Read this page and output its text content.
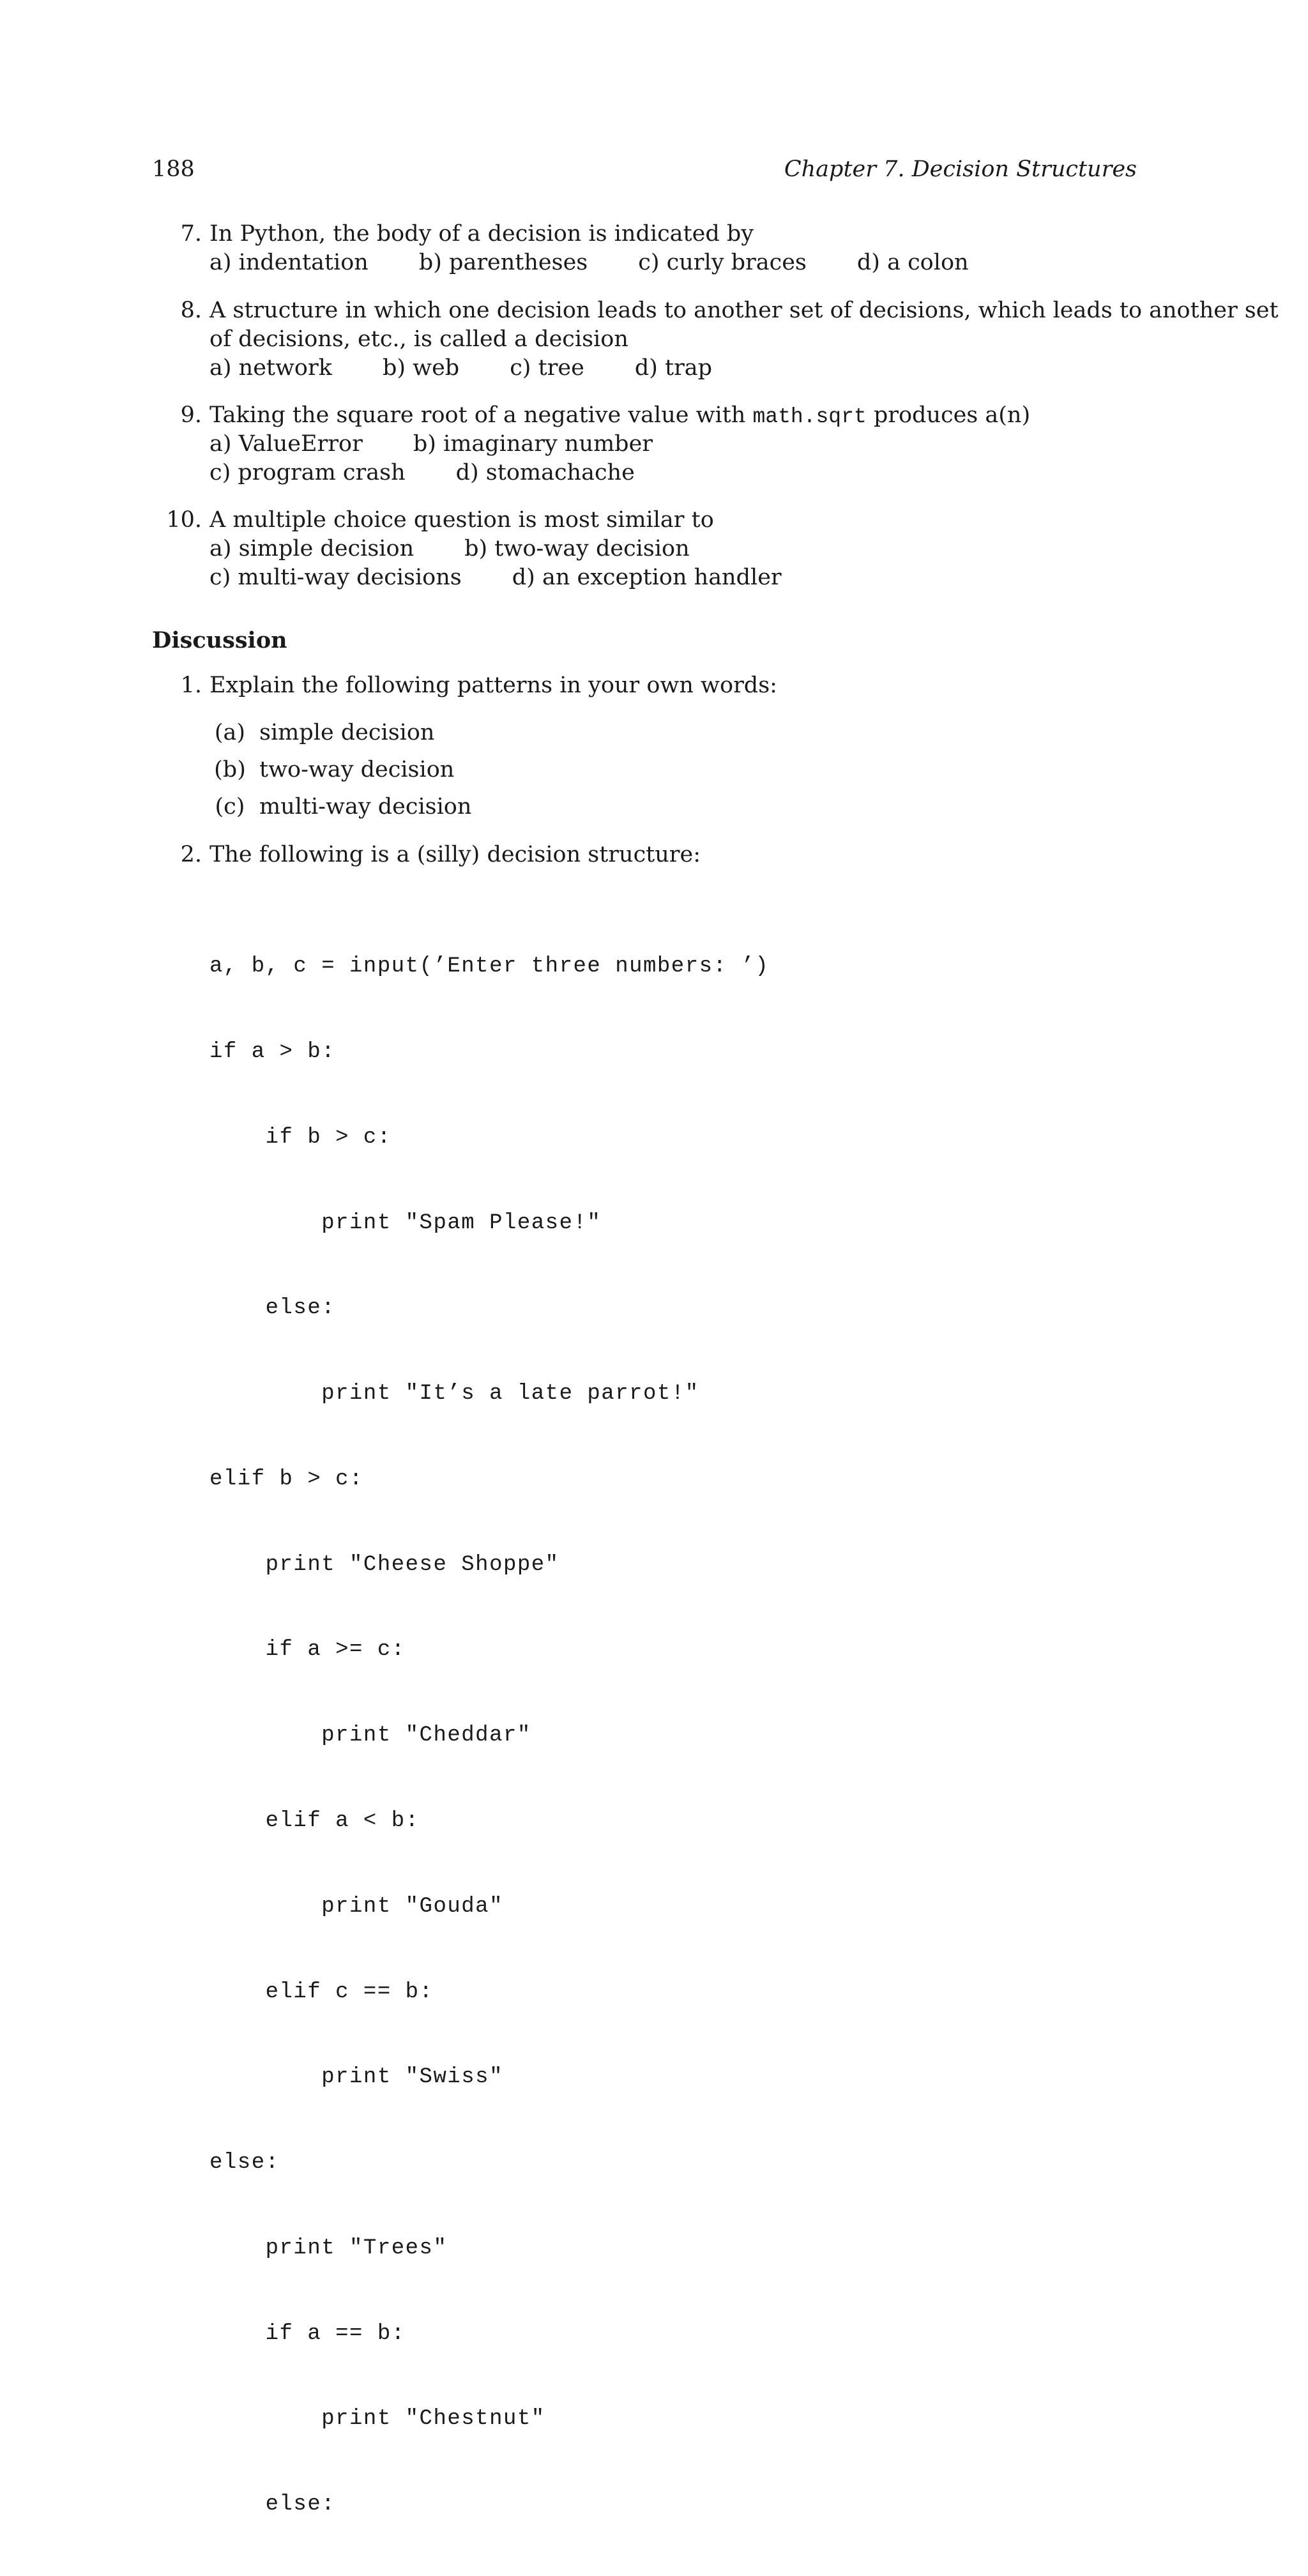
188	Chapter 7. Decision Structures
7. In Python, the body of a decision is indicated by
a) indentation b) parentheses c) curly braces d) a colon
8. A structure in which one decision leads to another set of decisions, which leads to another set
of decisions, etc., is called a decision
a) network b) web c) tree d) trap
9. Taking the square root of a negative value with math.sqrt produces a(n)
a) ValueError b) imaginary number
c) program crash d) stomachache
10. A multiple choice question is most similar to
a) simple decision b) two-way decision
c) multi-way decisions d) an exception handler
Discussion
1. Explain the following patterns in your own words:
(a) simple decision
(b) two-way decision
(c) multi-way decision
2. The following is a (silly) decision structure:

a, b, c = input(’Enter three numbers: ’)

if a > b:

if b > c:

print "Spam Please!"

else:

print "It’s a late parrot!"

elif b > c:

print "Cheese Shoppe"

if a >= c:

print "Cheddar"

elif a < b:

print "Gouda"

elif c == b:

print "Swiss"

else:

print "Trees"

if a == b:

print "Chestnut"

else:
